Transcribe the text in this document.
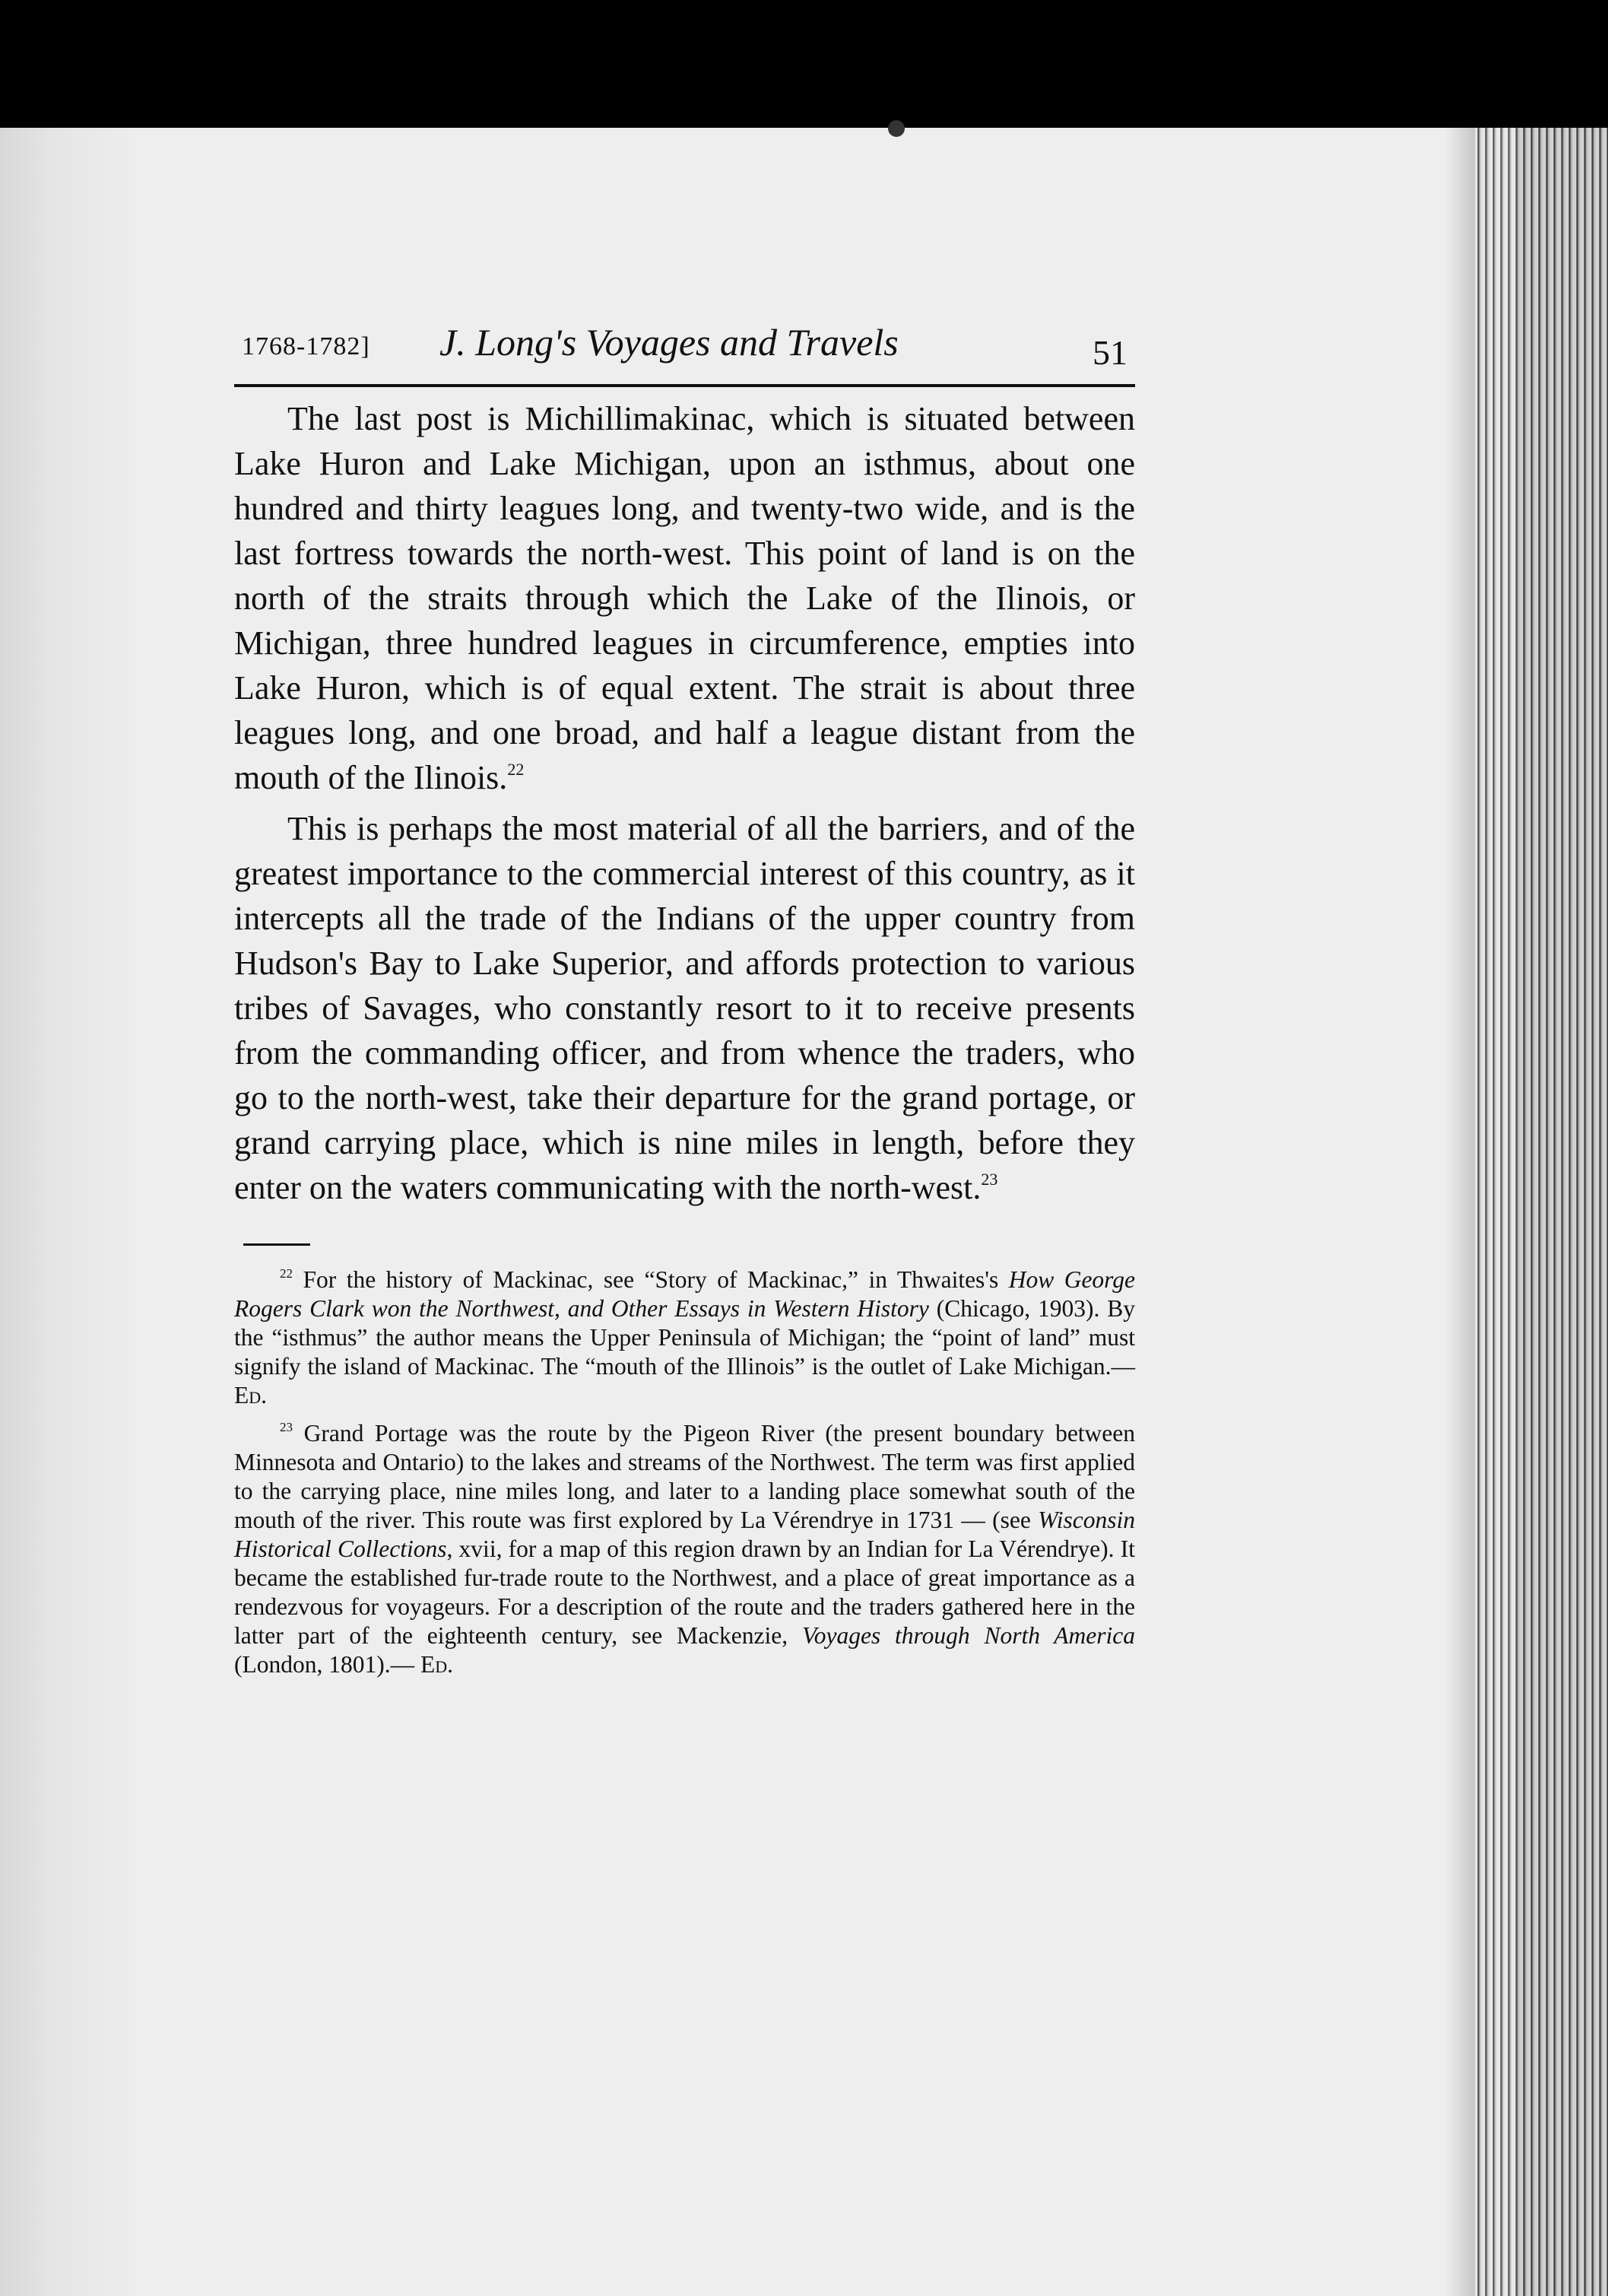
1768-1782] J. Long's Voyages and Travels	51

The last post is Michillimakinac, which is situated between Lake Huron and Lake Michigan, upon an isthmus, about one hundred and thirty leagues long, and twenty-two wide, and is the last fortress towards the north-west. This point of land is on the north of the straits through which the Lake of the Ilinois, or Michigan, three hundred leagues in circumference, empties into Lake Huron, which is of equal extent. The strait is about three leagues long, and one broad, and half a league distant from the mouth of the Ilinois.$^{22}$

This is perhaps the most material of all the barriers, and of the greatest importance to the commercial interest of this country, as it intercepts all the trade of the Indians of the upper country from Hudson's Bay to Lake Superior, and affords protection to various tribes of Savages, who constantly resort to it to receive presents from the commanding officer, and from whence the traders, who go to the north-west, take their departure for the grand portage, or grand carrying place, which is nine miles in length, before they enter on the waters communicating with the north-west.$^{23}$

$^{22}$ For the history of Mackinac, see “Story of Mackinac,” in Thwaites's How George Rogers Clark won the Northwest, and Other Essays in Western History (Chicago, 1903). By the “isthmus” the author means the Upper Peninsula of Michigan; the “point of land” must signify the island of Mackinac. The “mouth of the Illinois” is the outlet of Lake Michigan.— Ed.

$^{23}$ Grand Portage was the route by the Pigeon River (the present boundary between Minnesota and Ontario) to the lakes and streams of the Northwest. The term was first applied to the carrying place, nine miles long, and later to a landing place somewhat south of the mouth of the river. This route was first explored by La Vérendrye in 1731 — (see Wisconsin Historical Collections, xvii, for a map of this region drawn by an Indian for La Vérendrye). It became the established fur-trade route to the Northwest, and a place of great importance as a rendezvous for voyageurs. For a description of the route and the traders gathered here in the latter part of the eighteenth century, see Mackenzie, Voyages through North America (London, 1801).— Ed.
